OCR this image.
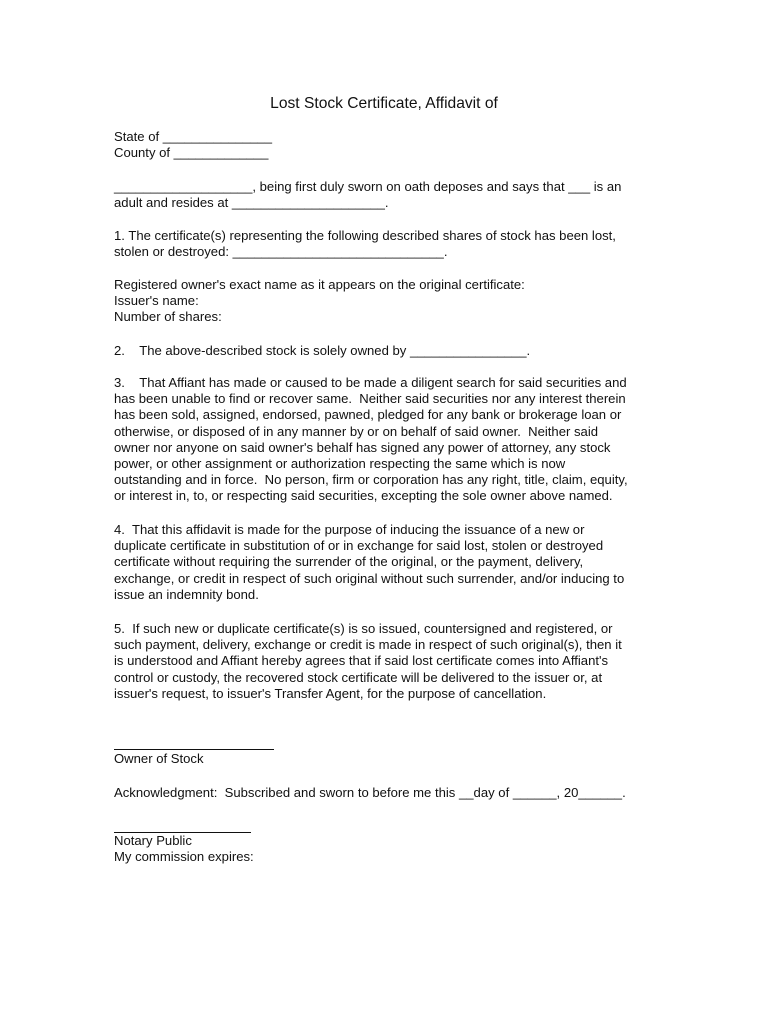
Lost Stock Certificate, Affidavit of
State of _______________
County of _____________
___________________, being first duly sworn on oath deposes and says that ___ is an
adult and resides at _____________________.
1. The certificate(s) representing the following described shares of stock has been lost,
stolen or destroyed: _____________________________.
Registered owner's exact name as it appears on the original certificate:
Issuer's name:
Number of shares:
2.    The above-described stock is solely owned by ________________.
3.    That Affiant has made or caused to be made a diligent search for said securities and
has been unable to find or recover same.  Neither said securities nor any interest therein
has been sold, assigned, endorsed, pawned, pledged for any bank or brokerage loan or
otherwise, or disposed of in any manner by or on behalf of said owner.  Neither said
owner nor anyone on said owner's behalf has signed any power of attorney, any stock
power, or other assignment or authorization respecting the same which is now
outstanding and in force.  No person, firm or corporation has any right, title, claim, equity,
or interest in, to, or respecting said securities, excepting the sole owner above named.
4.  That this affidavit is made for the purpose of inducing the issuance of a new or
duplicate certificate in substitution of or in exchange for said lost, stolen or destroyed
certificate without requiring the surrender of the original, or the payment, delivery,
exchange, or credit in respect of such original without such surrender, and/or inducing to
issue an indemnity bond.
5.  If such new or duplicate certificate(s) is so issued, countersigned and registered, or
such payment, delivery, exchange or credit is made in respect of such original(s), then it
is understood and Affiant hereby agrees that if said lost certificate comes into Affiant's
control or custody, the recovered stock certificate will be delivered to the issuer or, at
issuer's request, to issuer's Transfer Agent, for the purpose of cancellation.
Owner of Stock
Acknowledgment:  Subscribed and sworn to before me this __day of ______, 20______.
Notary Public
My commission expires:
